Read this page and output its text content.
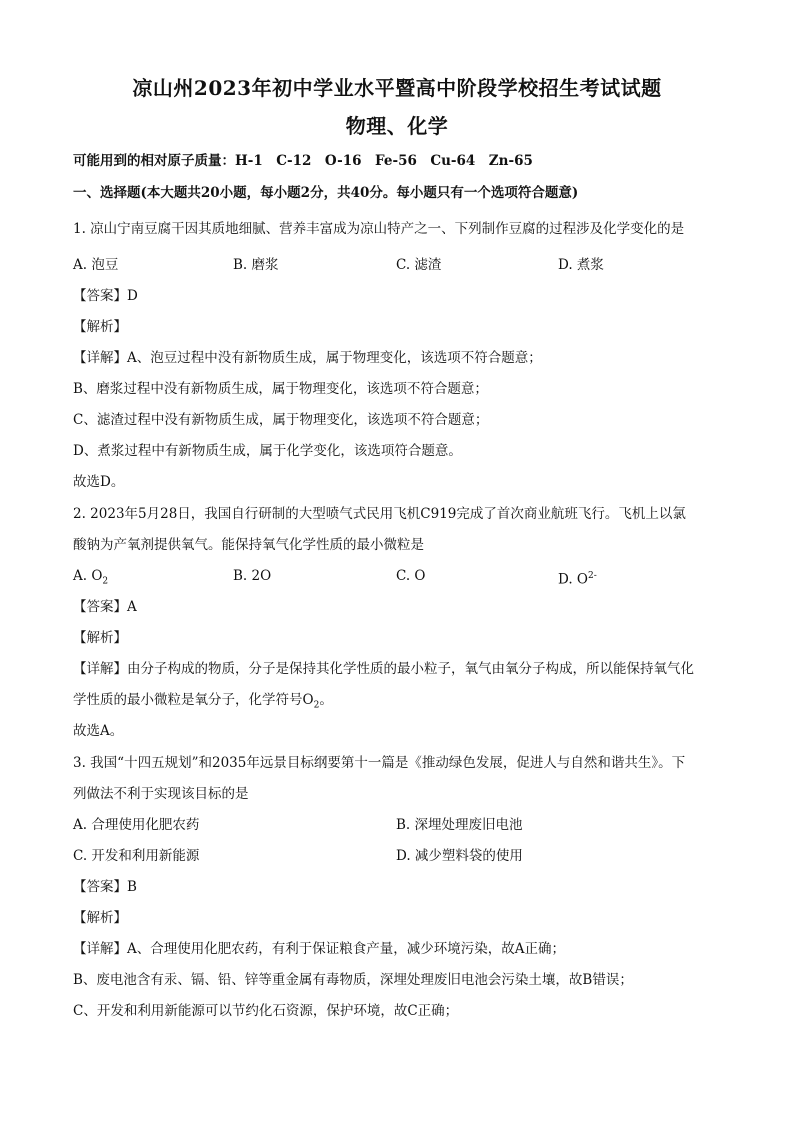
凉山州2023年初中学业水平暨高中阶段学校招生考试试题
物理、化学
可能用到的相对原子质量：H-1　C-12　O-16　Fe-56　Cu-64　Zn-65
一、选择题(本大题共20小题，每小题2分，共40分。每小题只有一个选项符合题意)
1. 凉山宁南豆腐干因其质地细腻、营养丰富成为凉山特产之一、下列制作豆腐的过程涉及化学变化的是
A. 泡豆	B. 磨浆	C. 滤渣	D. 煮浆
【答案】D
【解析】
【详解】A、泡豆过程中没有新物质生成，属于物理变化，该选项不符合题意；
B、磨浆过程中没有新物质生成，属于物理变化，该选项不符合题意；
C、滤渣过程中没有新物质生成，属于物理变化，该选项不符合题意；
D、煮浆过程中有新物质生成，属于化学变化，该选项符合题意。
故选D。
2. 2023年5月28日，我国自行研制的大型喷气式民用飞机C919完成了首次商业航班飞行。飞机上以氯
酸钠为产氧剂提供氧气。能保持氧气化学性质的最小微粒是
A. $O_2$	B. 2O	C. O	D. $O^{2-}$
【答案】A
【解析】
【详解】由分子构成的物质，分子是保持其化学性质的最小粒子，氧气由氧分子构成，所以能保持氧气化
学性质的最小微粒是氧分子，化学符号$O_2$。
故选A。
3. 我国“十四五规划”和2035年远景目标纲要第十一篇是《推动绿色发展，促进人与自然和谐共生》。下
列做法不利于实现该目标的是
A. 合理使用化肥农药	B. 深埋处理废旧电池
C. 开发和利用新能源	D. 减少塑料袋的使用
【答案】B
【解析】
【详解】A、合理使用化肥农药，有利于保证粮食产量，减少环境污染，故A正确；
B、废电池含有汞、镉、铅、锌等重金属有毒物质，深埋处理废旧电池会污染土壤，故B错误；
C、开发和利用新能源可以节约化石资源，保护环境，故C正确；
